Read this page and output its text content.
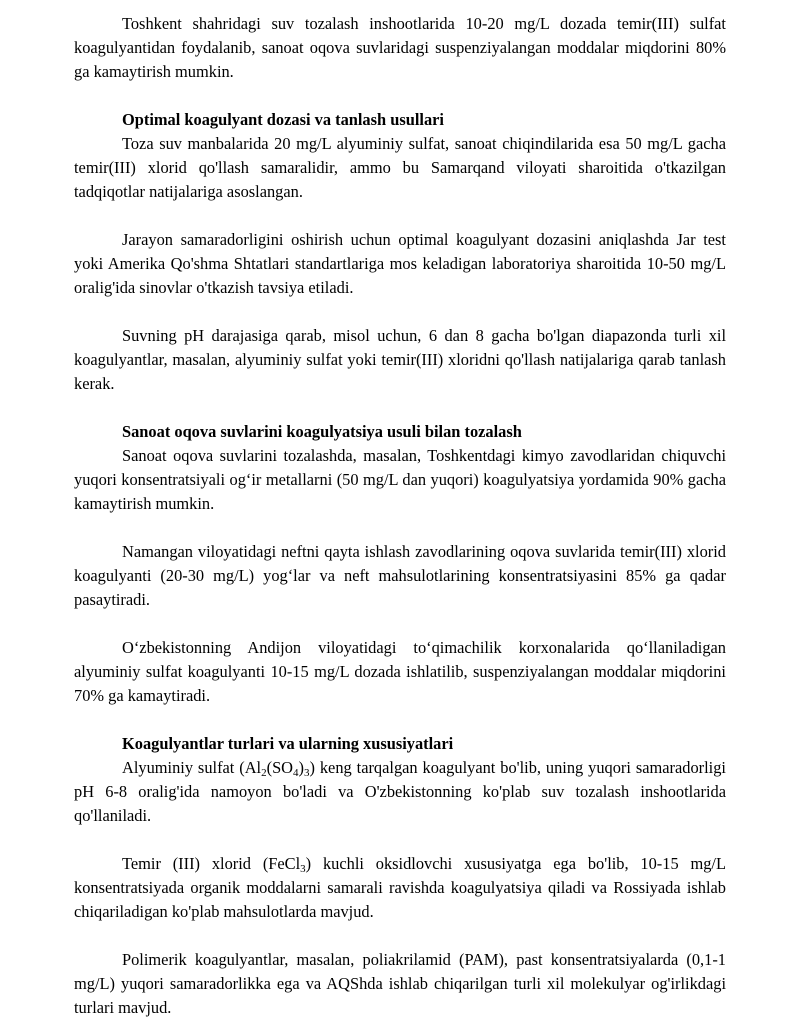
Toshkent shahridagi suv tozalash inshootlarida 10-20 mg/L dozada temir(III) sulfat koagulyantidan foydalanib, sanoat oqova suvlaridagi suspenziyalangan moddalar miqdorini 80% ga kamaytirish mumkin.

Optimal koagulyant dozasi va tanlash usullari

Toza suv manbalarida 20 mg/L alyuminiy sulfat, sanoat chiqindilarida esa 50 mg/L gacha temir(III) xlorid qo'llash samaralidir, ammo bu Samarqand viloyati sharoitida o'tkazilgan tadqiqotlar natijalariga asoslangan.

Jarayon samaradorligini oshirish uchun optimal koagulyant dozasini aniqlashda Jar test yoki Amerika Qo'shma Shtatlari standartlariga mos keladigan laboratoriya sharoitida 10-50 mg/L oralig'ida sinovlar o'tkazish tavsiya etiladi.

Suvning pH darajasiga qarab, misol uchun, 6 dan 8 gacha bo'lgan diapazonda turli xil koagulyantlar, masalan, alyuminiy sulfat yoki temir(III) xloridni qo'llash natijalariga qarab tanlash kerak.

Sanoat oqova suvlarini koagulyatsiya usuli bilan tozalash

Sanoat oqova suvlarini tozalashda, masalan, Toshkentdagi kimyo zavodlaridan chiquvchi yuqori konsentratsiyali og‘ir metallarni (50 mg/L dan yuqori) koagulyatsiya yordamida 90% gacha kamaytirish mumkin.

Namangan viloyatidagi neftni qayta ishlash zavodlarining oqova suvlarida temir(III) xlorid koagulyanti (20-30 mg/L) yog‘lar va neft mahsulotlarining konsentratsiyasini 85% ga qadar pasaytiradi.

O‘zbekistonning Andijon viloyatidagi to‘qimachilik korxonalarida qo‘llaniladigan alyuminiy sulfat koagulyanti 10-15 mg/L dozada ishlatilib, suspenziyalangan moddalar miqdorini 70% ga kamaytiradi.

Koagulyantlar turlari va ularning xususiyatlari

Alyuminiy sulfat $(Al_2(SO_4)_3)$ keng tarqalgan koagulyant bo'lib, uning yuqori samaradorligi pH 6-8 oralig'ida namoyon bo'ladi va O'zbekistonning ko'plab suv tozalash inshootlarida qo'llaniladi.

Temir (III) xlorid (FeCl$_3$) kuchli oksidlovchi xususiyatga ega bo'lib, 10-15 mg/L konsentratsiyada organik moddalarni samarali ravishda koagulyatsiya qiladi va Rossiyada ishlab chiqariladigan ko'plab mahsulotlarda mavjud.

Polimerik koagulyantlar, masalan, poliakrilamid (PAM), past konsentratsiyalarda (0,1-1 mg/L) yuqori samaradorlikka ega va AQShda ishlab chiqarilgan turli xil molekulyar og'irlikdagi turlari mavjud.
